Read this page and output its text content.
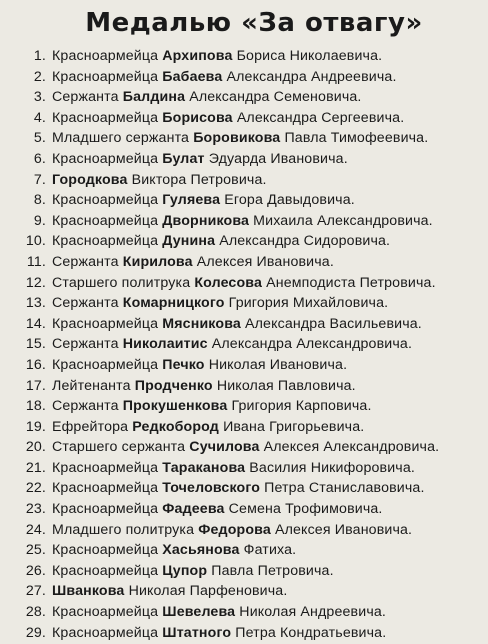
Медалью «За отвагу»
1. Красноармейца Архипова Бориса Николаевича.
2. Красноармейца Бабаева Александра Андреевича.
3. Сержанта Балдина Александра Семеновича.
4. Красноармейца Борисова Александра Сергеевича.
5. Младшего сержанта Боровикова Павла Тимофеевича.
6. Красноармейца Булат Эдуарда Ивановича.
7. Городкова Виктора Петровича.
8. Красноармейца Гуляева Егора Давыдовича.
9. Красноармейца Дворникова Михаила Александровича.
10. Красноармейца Дунина Александра Сидоровича.
11. Сержанта Кирилова Алексея Ивановича.
12. Старшего политрука Колесова Анемподиста Петровича.
13. Сержанта Комарницкого Григория Михайловича.
14. Красноармейца Мясникова Александра Васильевича.
15. Сержанта Николаитис Александра Александровича.
16. Красноармейца Печко Николая Ивановича.
17. Лейтенанта Продченко Николая Павловича.
18. Сержанта Прокушенкова Григория Карповича.
19. Ефрейтора Редкобород Ивана Григорьевича.
20. Старшего сержанта Сучилова Алексея Александровича.
21. Красноармейца Тараканова Василия Никифоровича.
22. Красноармейца Точеловского Петра Станиславовича.
23. Красноармейца Фадеева Семена Трофимовича.
24. Младшего политрука Федорова Алексея Ивановича.
25. Красноармейца Хасьянова Фатиха.
26. Красноармейца Цупор Павла Петровича.
27. Шванкова Николая Парфеновича.
28. Красноармейца Шевелева Николая Андреевича.
29. Красноармейца Штатного Петра Кондратьевича.
